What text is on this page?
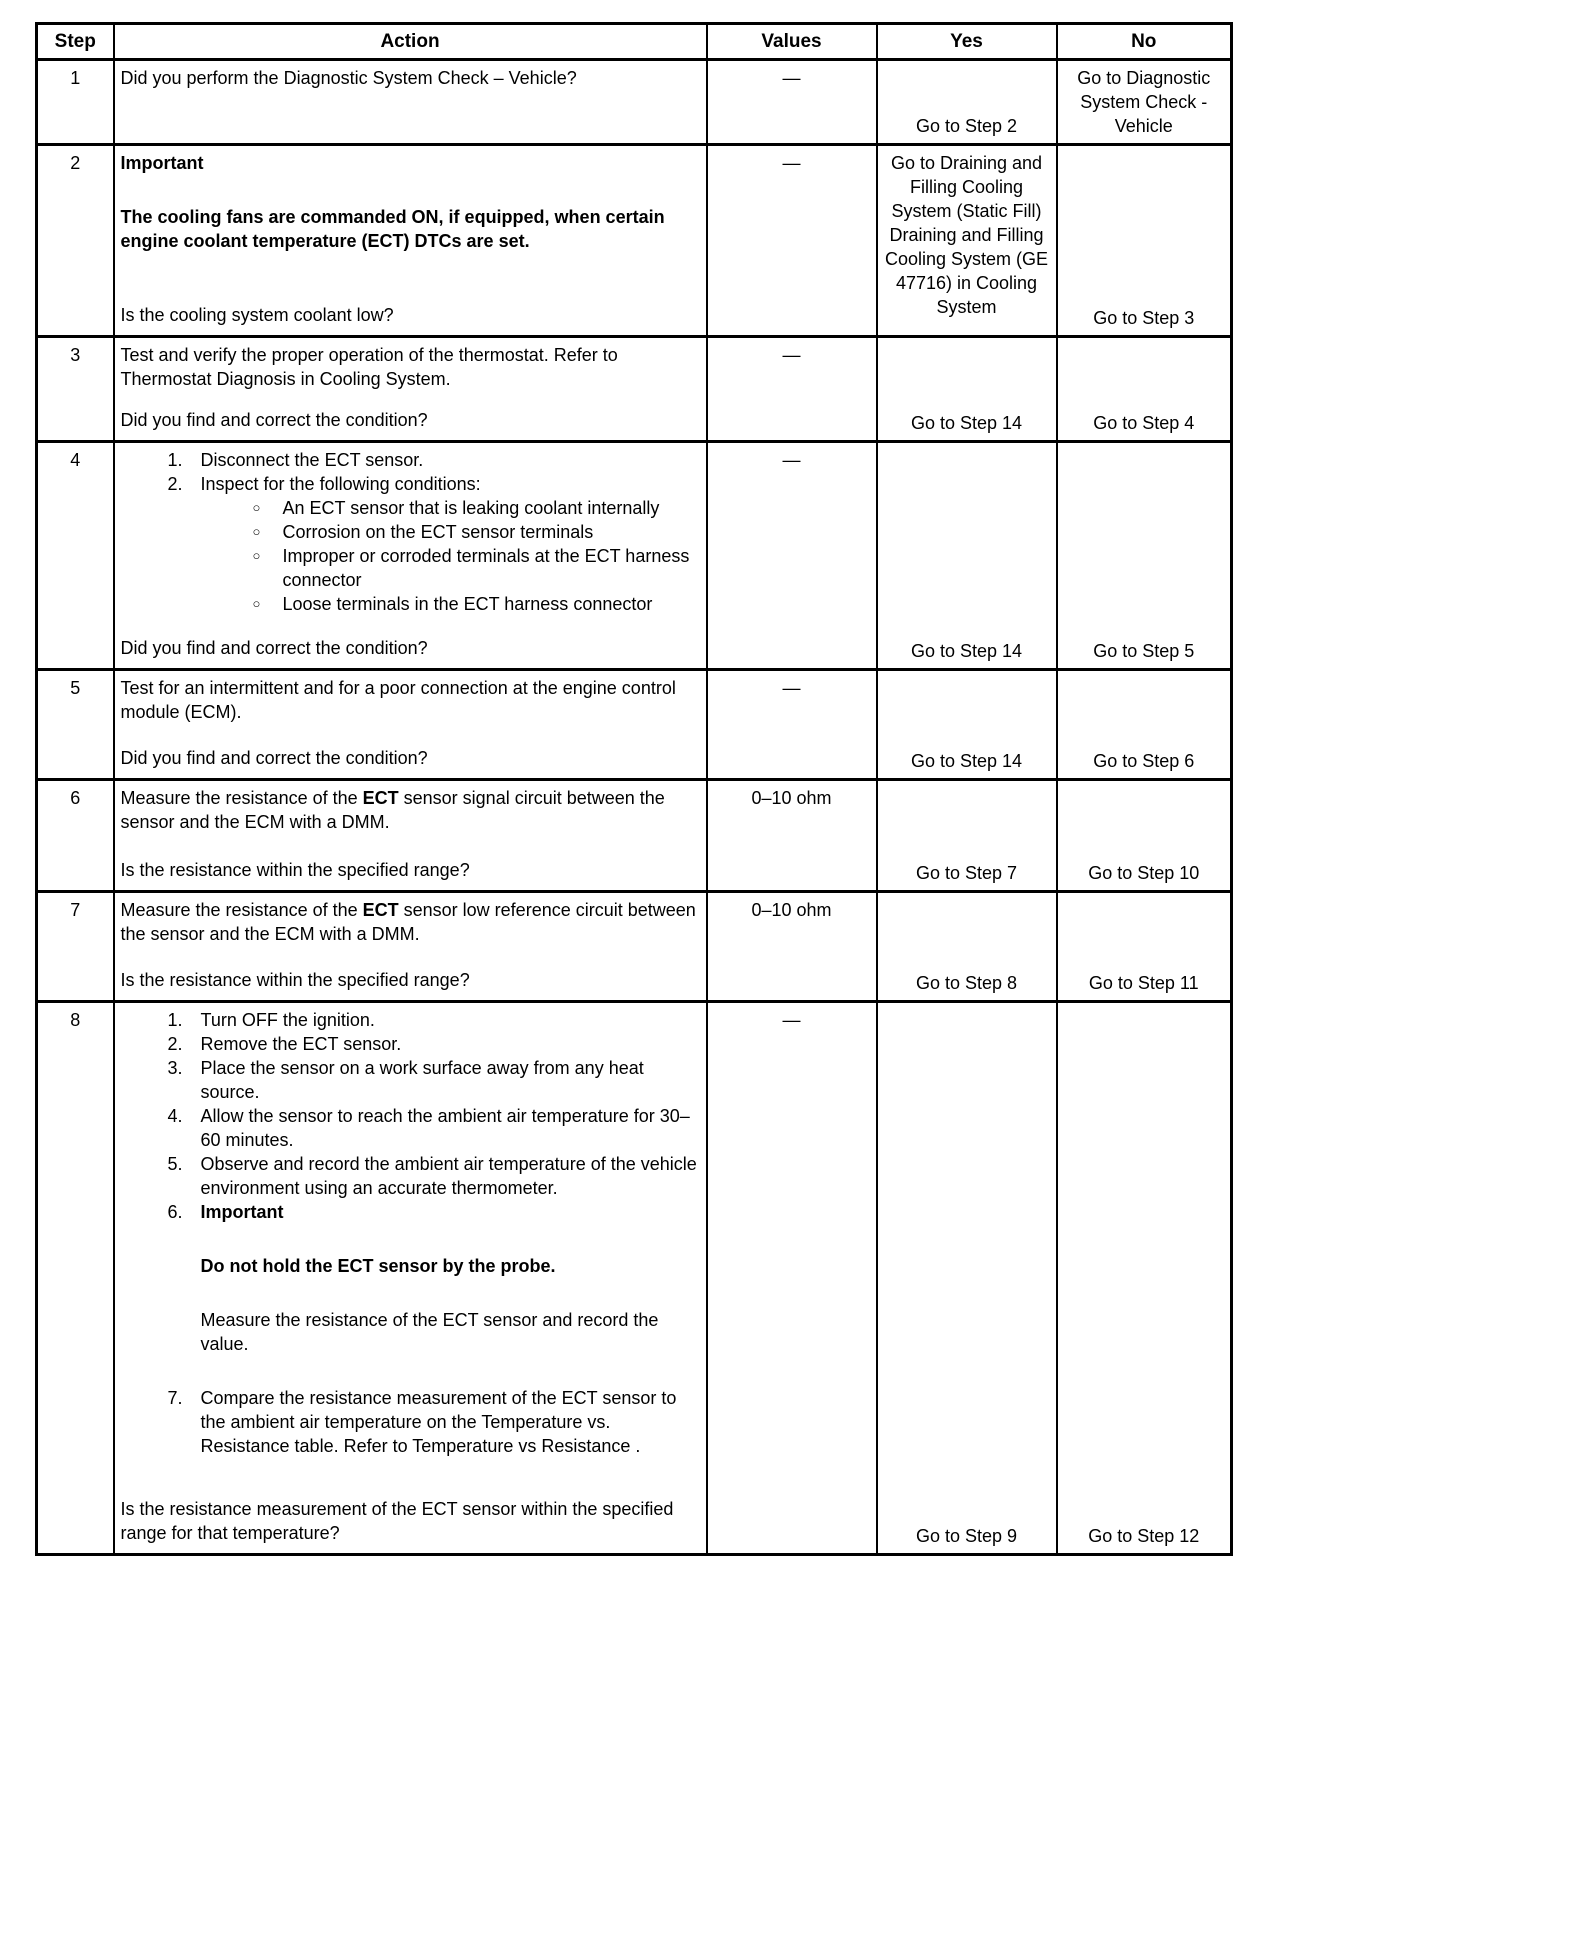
Step	Action	Values	Yes	No
1	Did you perform the Diagnostic System Check – Vehicle?	—	Go to Step 2	Go to Diagnostic System Check - Vehicle
2	Important
The cooling fans are commanded ON, if equipped, when certain engine coolant temperature (ECT) DTCs are set.
Is the cooling system coolant low?	—	Go to Draining and Filling Cooling System (Static Fill) Draining and Filling Cooling System (GE 47716) in Cooling System	Go to Step 3
3	Test and verify the proper operation of the thermostat. Refer to Thermostat Diagnosis in Cooling System.
Did you find and correct the condition?	—	Go to Step 14	Go to Step 4
4	1. Disconnect the ECT sensor.
2. Inspect for the following conditions:
○	An ECT sensor that is leaking coolant internally
○	Corrosion on the ECT sensor terminals
○	Improper or corroded terminals at the ECT harness connector
○	Loose terminals in the ECT harness connector
Did you find and correct the condition?
	—	Go to Step 14	Go to Step 5
5	Test for an intermittent and for a poor connection at the engine control module (ECM).
Did you find and correct the condition?	—	Go to Step 14	Go to Step 6
6	Measure the resistance of the ECT sensor signal circuit between the sensor and the ECM with a DMM.
Is the resistance within the specified range?	0–10 ohm	Go to Step 7	Go to Step 10
7	Measure the resistance of the ECT sensor low reference circuit between the sensor and the ECM with a DMM.
Is the resistance within the specified range?	0–10 ohm	Go to Step 8	Go to Step 11
8	1. Turn OFF the ignition.
2. Remove the ECT sensor.
3. Place the sensor on a work surface away from any heat source.
4. Allow the sensor to reach the ambient air temperature for 30–60 minutes.
5. Observe and record the ambient air temperature of the vehicle environment using an accurate thermometer.
6. Important
Do not hold the ECT sensor by the probe.
Measure the resistance of the ECT sensor and record the value.
7. Compare the resistance measurement of the ECT sensor to the ambient air temperature on the Temperature vs. Resistance table. Refer to Temperature vs Resistance .
Is the resistance measurement of the ECT sensor within the specified range for that temperature?
	—	Go to Step 9	Go to Step 12
